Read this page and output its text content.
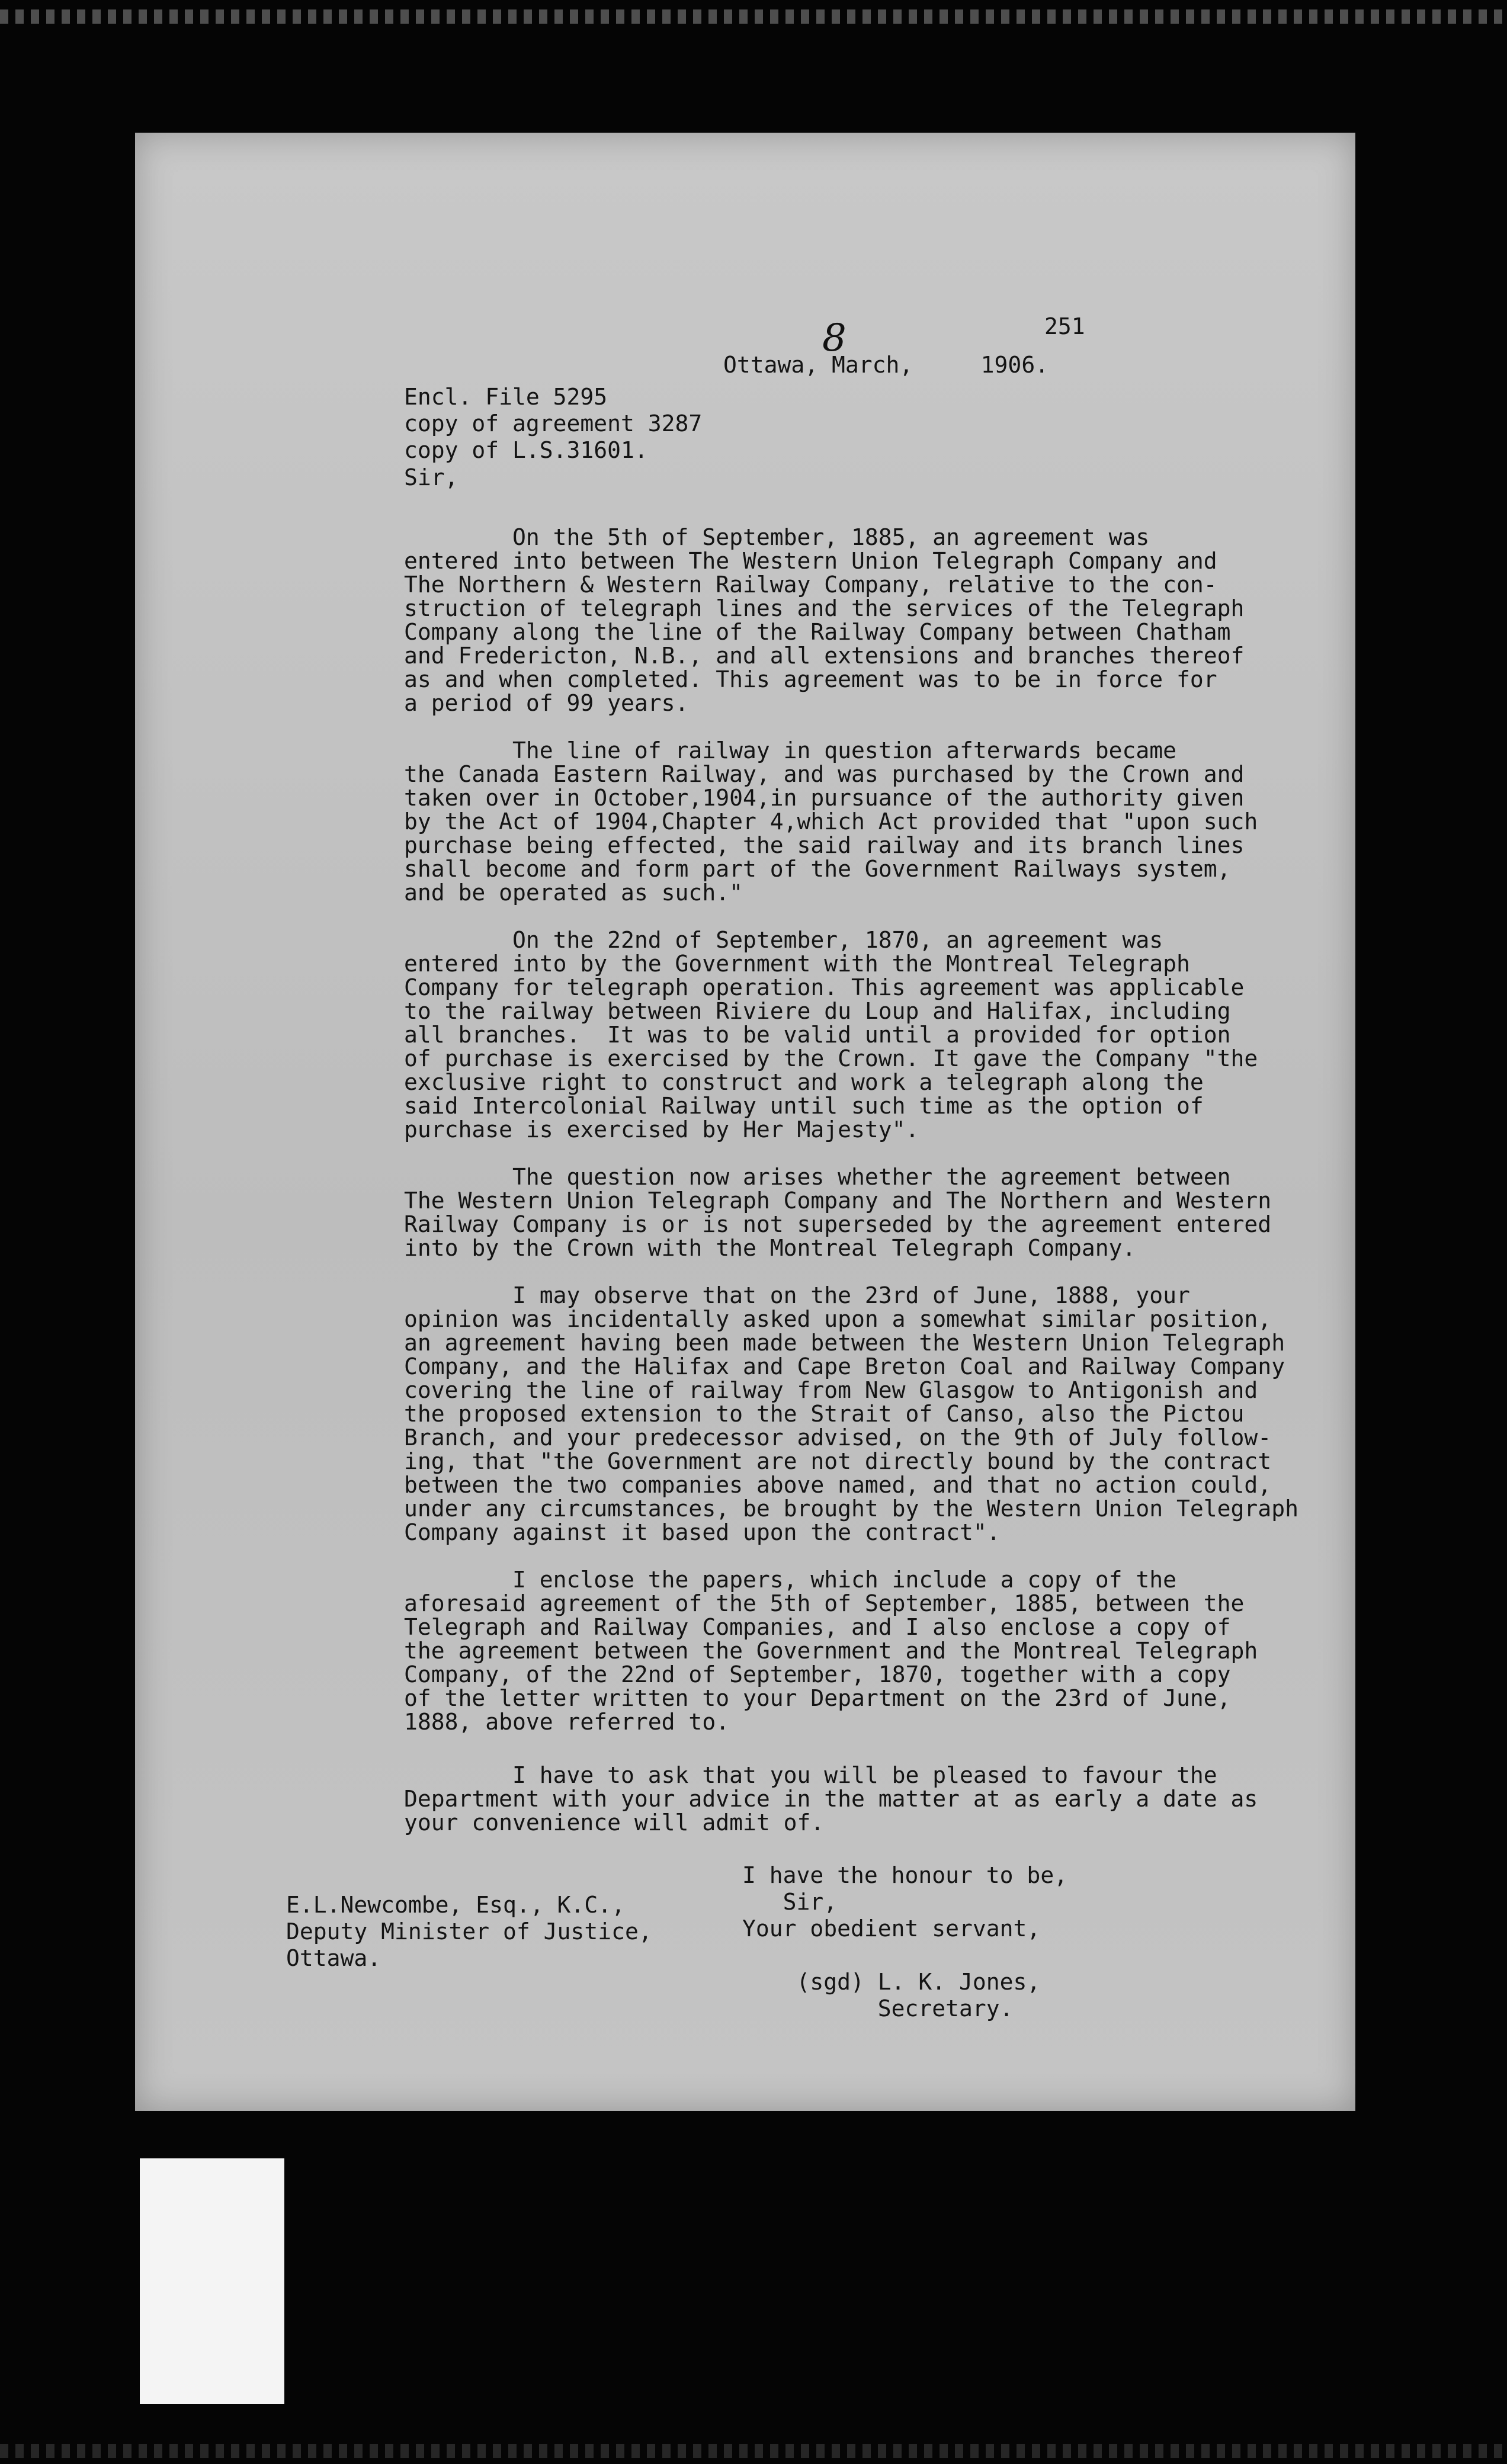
251
8
Ottawa, March,     1906.
Encl. File 5295
copy of agreement 3287
copy of L.S.31601.
Sir,
On the 5th of September, 1885, an agreement was
entered into between The Western Union Telegraph Company and
The Northern & Western Railway Company, relative to the con-
struction of telegraph lines and the services of the Telegraph
Company along the line of the Railway Company between Chatham
and Fredericton, N.B., and all extensions and branches thereof
as and when completed. This agreement was to be in force for
a period of 99 years.
The line of railway in question afterwards became
the Canada Eastern Railway, and was purchased by the Crown and
taken over in October,1904,in pursuance of the authority given
by the Act of 1904,Chapter 4,which Act provided that "upon such
purchase being effected, the said railway and its branch lines
shall become and form part of the Government Railways system,
and be operated as such."
On the 22nd of September, 1870, an agreement was
entered into by the Government with the Montreal Telegraph
Company for telegraph operation. This agreement was applicable
to the railway between Riviere du Loup and Halifax, including
all branches.  It was to be valid until a provided for option
of purchase is exercised by the Crown. It gave the Company "the
exclusive right to construct and work a telegraph along the
said Intercolonial Railway until such time as the option of
purchase is exercised by Her Majesty".
The question now arises whether the agreement between
The Western Union Telegraph Company and The Northern and Western
Railway Company is or is not superseded by the agreement entered
into by the Crown with the Montreal Telegraph Company.
I may observe that on the 23rd of June, 1888, your
opinion was incidentally asked upon a somewhat similar position,
an agreement having been made between the Western Union Telegraph
Company, and the Halifax and Cape Breton Coal and Railway Company
covering the line of railway from New Glasgow to Antigonish and
the proposed extension to the Strait of Canso, also the Pictou
Branch, and your predecessor advised, on the 9th of July follow-
ing, that "the Government are not directly bound by the contract
between the two companies above named, and that no action could,
under any circumstances, be brought by the Western Union Telegraph
Company against it based upon the contract".
I enclose the papers, which include a copy of the
aforesaid agreement of the 5th of September, 1885, between the
Telegraph and Railway Companies, and I also enclose a copy of
the agreement between the Government and the Montreal Telegraph
Company, of the 22nd of September, 1870, together with a copy
of the letter written to your Department on the 23rd of June,
1888, above referred to.
I have to ask that you will be pleased to favour the
Department with your advice in the matter at as early a date as
your convenience will admit of.
E.L.Newcombe, Esq., K.C.,
Deputy Minister of Justice,
Ottawa.
I have the honour to be,
Sir,
Your obedient servant,

(sgd) L. K. Jones,
Secretary.
